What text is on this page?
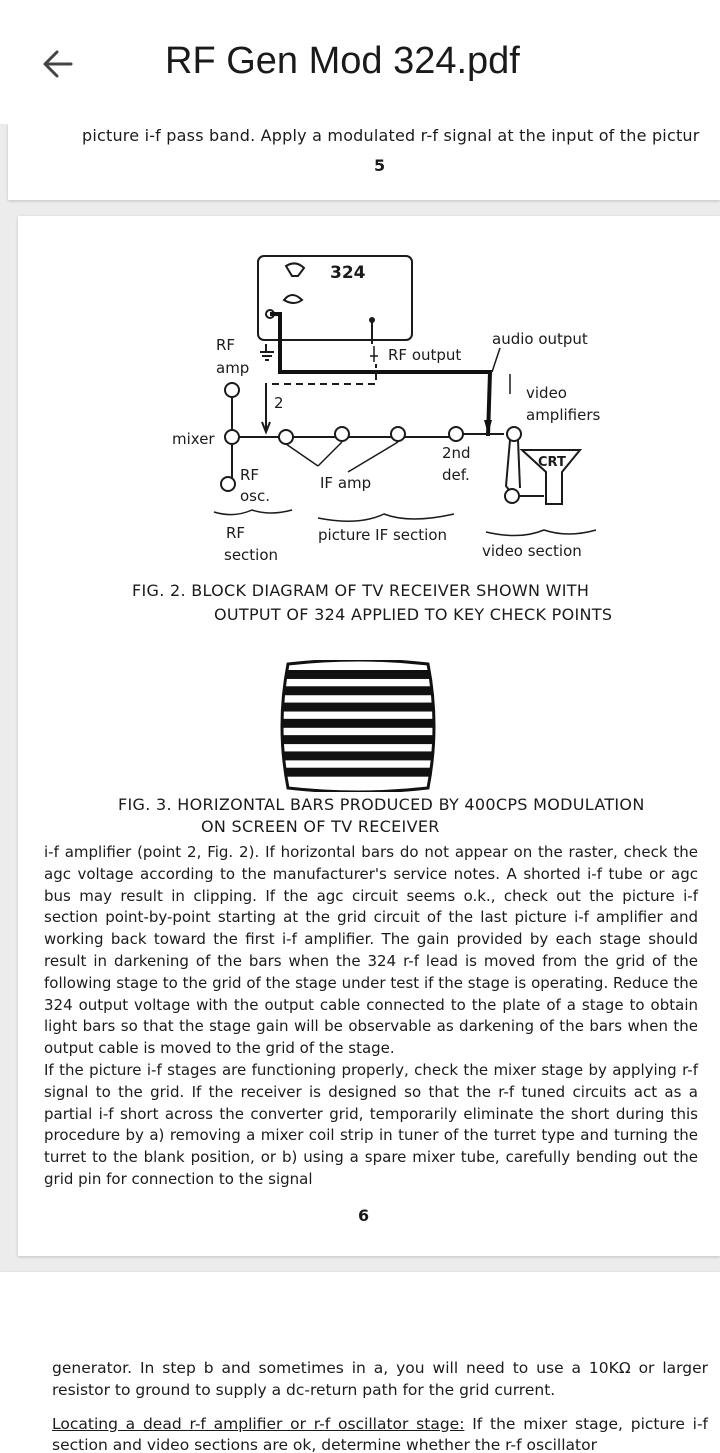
RF Gen Mod 324.pdf
picture i-f pass band. Apply a modulated r-f signal at the input of the pictur
5
324
CRT
RF
amp
RF output
audio output
2
mixer
2nd
def.
video
amplifiers
RF
osc.
IF amp
RF
section
picture IF section
video section
FIG. 2. BLOCK DIAGRAM OF TV RECEIVER SHOWN WITH
OUTPUT OF 324 APPLIED TO KEY CHECK POINTS
FIG. 3. HORIZONTAL BARS PRODUCED BY 400CPS MODULATION
ON SCREEN OF TV RECEIVER

i-f amplifier (point 2, Fig. 2). If horizontal bars do not appear on the raster, check the agc voltage according to the manufacturer's service notes. A shorted i-f tube or agc bus may result in clipping. If the agc circuit seems o.k., check out the picture i-f section point-by-point starting at the grid circuit of the last picture i-f amplifier and working back toward the first i-f amplifier. The gain provided by each stage should result in darkening of the bars when the 324 r-f lead is moved from the grid of the following stage to the grid of the stage under test if the stage is operating. Reduce the 324 output voltage with the output cable connected to the plate of a stage to obtain light bars so that the stage gain will be observable as darkening of the bars when the output cable is moved to the grid of the stage.

If the picture i-f stages are functioning properly, check the mixer stage by applying r-f signal to the grid. If the receiver is designed so that the r-f tuned circuits act as a partial i-f short across the converter grid, temporarily eliminate the short during this procedure by a) removing a mixer coil strip in tuner of the turret type and turning the turret to the blank position, or b) using a spare mixer tube, carefully bending out the grid pin for connection to the signal

6

generator. In step b and sometimes in a, you will need to use a 10KΩ or larger resistor to ground to supply a dc-return path for the grid current.

Locating a dead r-f amplifier or r-f oscillator stage: If the mixer stage, picture i-f section and video sections are ok, determine whether the r-f oscillator
